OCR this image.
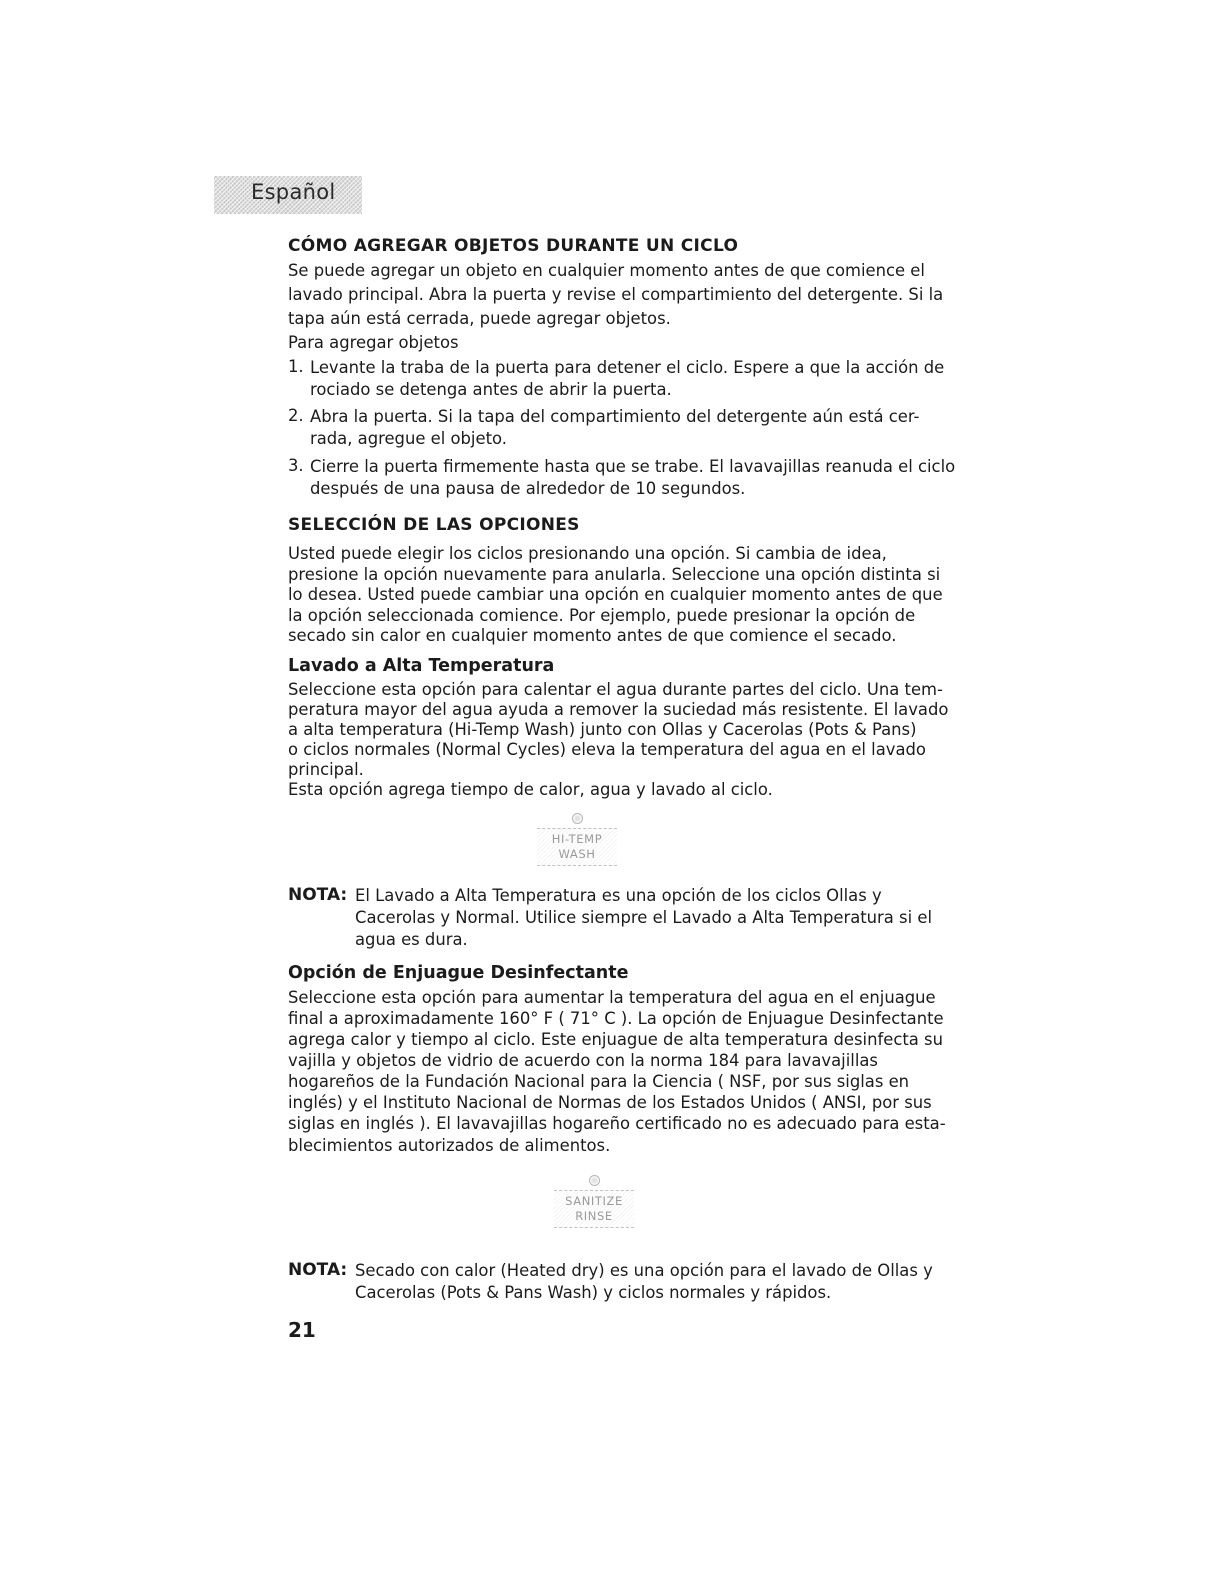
Español
CÓMO AGREGAR OBJETOS DURANTE UN CICLO
Se puede agregar un objeto en cualquier momento antes de que comience el
lavado principal. Abra la puerta y revise el compartimiento del detergente. Si la
tapa aún está cerrada, puede agregar objetos.
Para agregar objetos
1. Levante la traba de la puerta para detener el ciclo. Espere a que la acción de
rociado se detenga antes de abrir la puerta.
2. Abra la puerta. Si la tapa del compartimiento del detergente aún está cer-
rada, agregue el objeto.
3. Cierre la puerta firmemente hasta que se trabe. El lavavajillas reanuda el ciclo
después de una pausa de alrededor de 10 segundos.
SELECCIÓN DE LAS OPCIONES
Usted puede elegir los ciclos presionando una opción. Si cambia de idea,
presione la opción nuevamente para anularla. Seleccione una opción distinta si
lo desea. Usted puede cambiar una opción en cualquier momento antes de que
la opción seleccionada comience. Por ejemplo, puede presionar la opción de
secado sin calor en cualquier momento antes de que comience el secado.
Lavado a Alta Temperatura
Seleccione esta opción para calentar el agua durante partes del ciclo. Una tem-
peratura mayor del agua ayuda a remover la suciedad más resistente. El lavado
a alta temperatura (Hi-Temp Wash) junto con Ollas y Cacerolas (Pots & Pans)
o ciclos normales (Normal Cycles) eleva la temperatura del agua en el lavado
principal.
Esta opción agrega tiempo de calor, agua y lavado al ciclo.
HI-TEMP
WASH
NOTA: El Lavado a Alta Temperatura es una opción de los ciclos Ollas y
Cacerolas y Normal. Utilice siempre el Lavado a Alta Temperatura si el
agua es dura.
Opción de Enjuague Desinfectante
Seleccione esta opción para aumentar la temperatura del agua en el enjuague
final a aproximadamente 160° F ( 71° C ). La opción de Enjuague Desinfectante
agrega calor y tiempo al ciclo. Este enjuague de alta temperatura desinfecta su
vajilla y objetos de vidrio de acuerdo con la norma 184 para lavavajillas
hogareños de la Fundación Nacional para la Ciencia ( NSF, por sus siglas en
inglés) y el Instituto Nacional de Normas de los Estados Unidos ( ANSI, por sus
siglas en inglés ). El lavavajillas hogareño certificado no es adecuado para esta-
blecimientos autorizados de alimentos.
SANITIZE
RINSE
NOTA: Secado con calor (Heated dry) es una opción para el lavado de Ollas y
Cacerolas (Pots & Pans Wash) y ciclos normales y rápidos.
21
